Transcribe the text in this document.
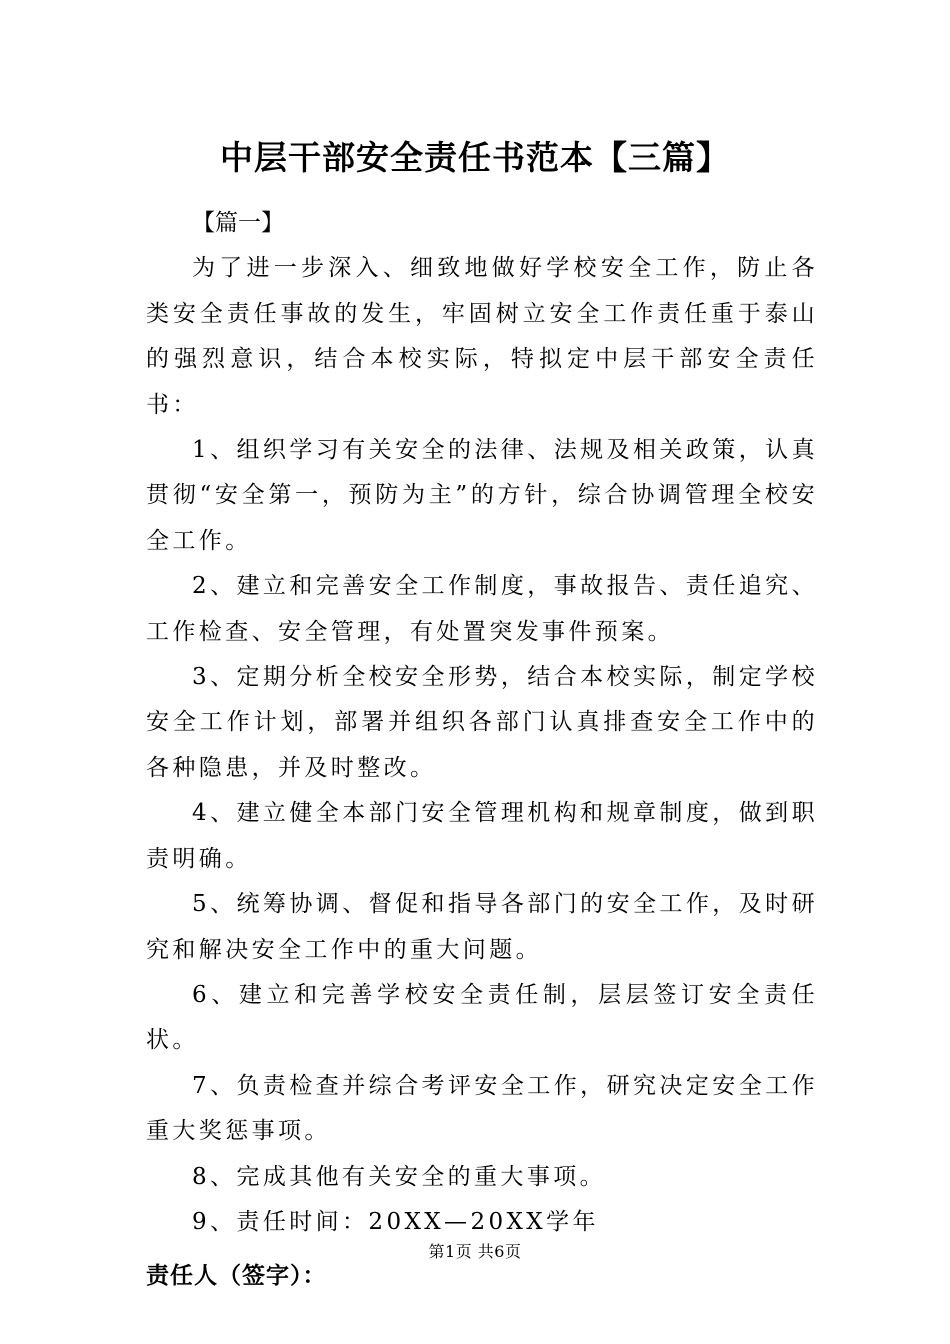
中层干部安全责任书范本【三篇】

【篇一】

为了进一步深入、细致地做好学校安全工作，防止各类安全责任事故的发生，牢固树立安全工作责任重于泰山的强烈意识，结合本校实际，特拟定中层干部安全责任书：

1、组织学习有关安全的法律、法规及相关政策，认真贯彻“安全第一，预防为主”的方针，综合协调管理全校安全工作。

2、建立和完善安全工作制度，事故报告、责任追究、工作检查、安全管理，有处置突发事件预案。

3、定期分析全校安全形势，结合本校实际，制定学校安全工作计划，部署并组织各部门认真排查安全工作中的各种隐患，并及时整改。

4、建立健全本部门安全管理机构和规章制度，做到职责明确。

5、统筹协调、督促和指导各部门的安全工作，及时研究和解决安全工作中的重大问题。

6、建立和完善学校安全责任制，层层签订安全责任状。

7、负责检查并综合考评安全工作，研究决定安全工作重大奖惩事项。

8、完成其他有关安全的重大事项。

9、责任时间：20XX—20XX学年

责任人（签字）：

第1页 共6页
